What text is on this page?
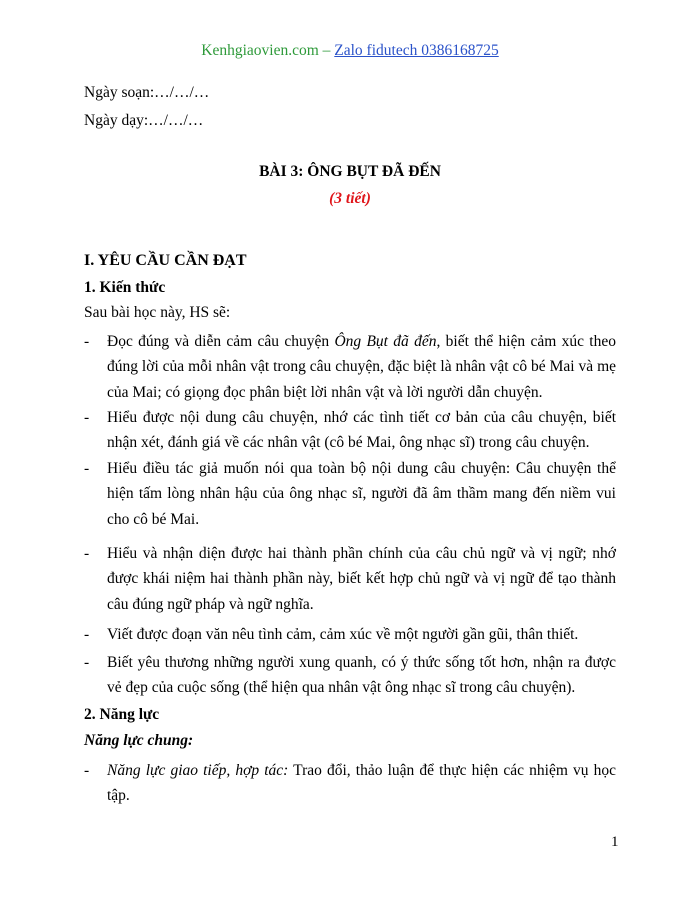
Kenhgiaovien.com – Zalo fidutech 0386168725
Ngày soạn:…/…/…
Ngày dạy:…/…/…
BÀI 3: ÔNG BỤT ĐÃ ĐẾN
(3 tiết)
I. YÊU CẦU CẦN ĐẠT
1. Kiến thức
Sau bài học này, HS sẽ:
- Đọc đúng và diễn cảm câu chuyện Ông Bụt đã đến, biết thể hiện cảm xúc theo đúng lời của mỗi nhân vật trong câu chuyện, đặc biệt là nhân vật cô bé Mai và mẹ của Mai; có giọng đọc phân biệt lời nhân vật và lời người dẫn chuyện.
- Hiểu được nội dung câu chuyện, nhớ các tình tiết cơ bản của câu chuyện, biết nhận xét, đánh giá về các nhân vật (cô bé Mai, ông nhạc sĩ) trong câu chuyện.
- Hiểu điều tác giả muốn nói qua toàn bộ nội dung câu chuyện: Câu chuyện thể hiện tấm lòng nhân hậu của ông nhạc sĩ, người đã âm thầm mang đến niềm vui cho cô bé Mai.
- Hiểu và nhận diện được hai thành phần chính của câu chủ ngữ và vị ngữ; nhớ được khái niệm hai thành phần này, biết kết hợp chủ ngữ và vị ngữ để tạo thành câu đúng ngữ pháp và ngữ nghĩa.
- Viết được đoạn văn nêu tình cảm, cảm xúc về một người gần gũi, thân thiết.
- Biết yêu thương những người xung quanh, có ý thức sống tốt hơn, nhận ra được vẻ đẹp của cuộc sống (thể hiện qua nhân vật ông nhạc sĩ trong câu chuyện).
2. Năng lực
Năng lực chung:
- Năng lực giao tiếp, hợp tác: Trao đổi, thảo luận để thực hiện các nhiệm vụ học tập.
1
